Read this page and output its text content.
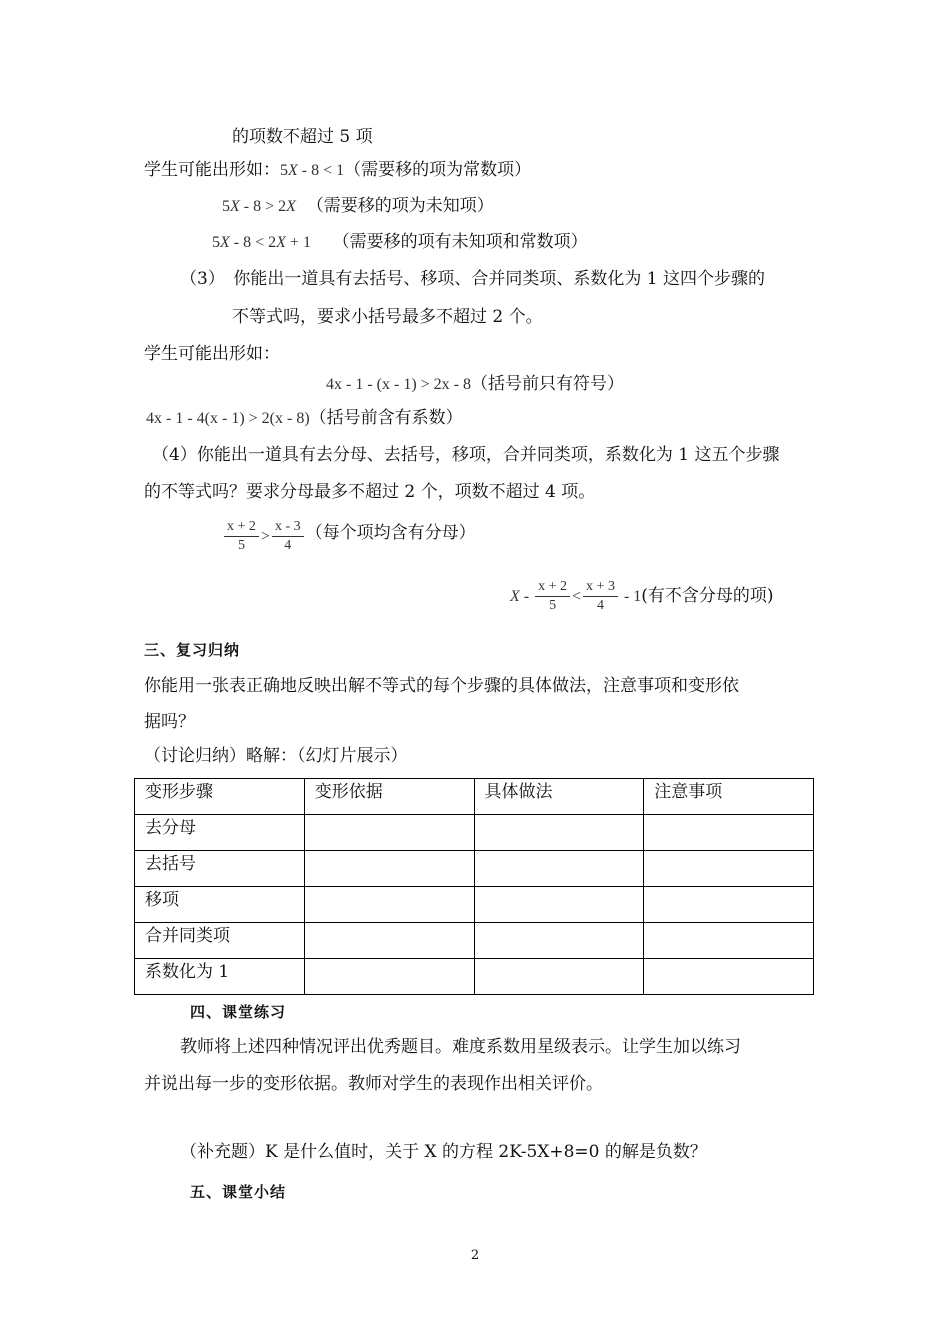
的项数不超过 5 项
学生可能出形如：5X - 8 < 1（需要移的项为常数项）
5X - 8 > 2X （需要移的项为未知项）
5X - 8 < 2X + 1 （需要移的项有未知项和常数项）
（3）　你能出一道具有去括号、移项、合并同类项、系数化为 1 这四个步骤的
不等式吗，要求小括号最多不超过 2 个。
学生可能出形如：
4x - 1 - (x - 1) > 2x - 8（括号前只有符号）
4x - 1 - 4(x - 1) > 2(x - 8)（括号前含有系数）
（4）你能出一道具有去分母、去括号，移项，合并同类项，系数化为 1 这五个步骤
的不等式吗？要求分母最多不超过 2 个，项数不超过 4 项。
$\frac{x + 2}{5} > \frac{x - 3}{4}$ （每个项均含有分母）
$X - \frac{x + 2}{5} < \frac{x + 3}{4} - 1$(有不含分母的项)
三、复习归纳
你能用一张表正确地反映出解不等式的每个步骤的具体做法，注意事项和变形依
据吗？
（讨论归纳）略解：（幻灯片展示）
变形步骤	变形依据	具体做法	注意事项
去分母			
去括号			
移项			
合并同类项			
系数化为 1			
四、课堂练习
教师将上述四种情况评出优秀题目。难度系数用星级表示。让学生加以练习
并说出每一步的变形依据。教师对学生的表现作出相关评价。
（补充题）K 是什么值时，关于 X 的方程 2K-5X+8=0 的解是负数？
五、课堂小结
2
